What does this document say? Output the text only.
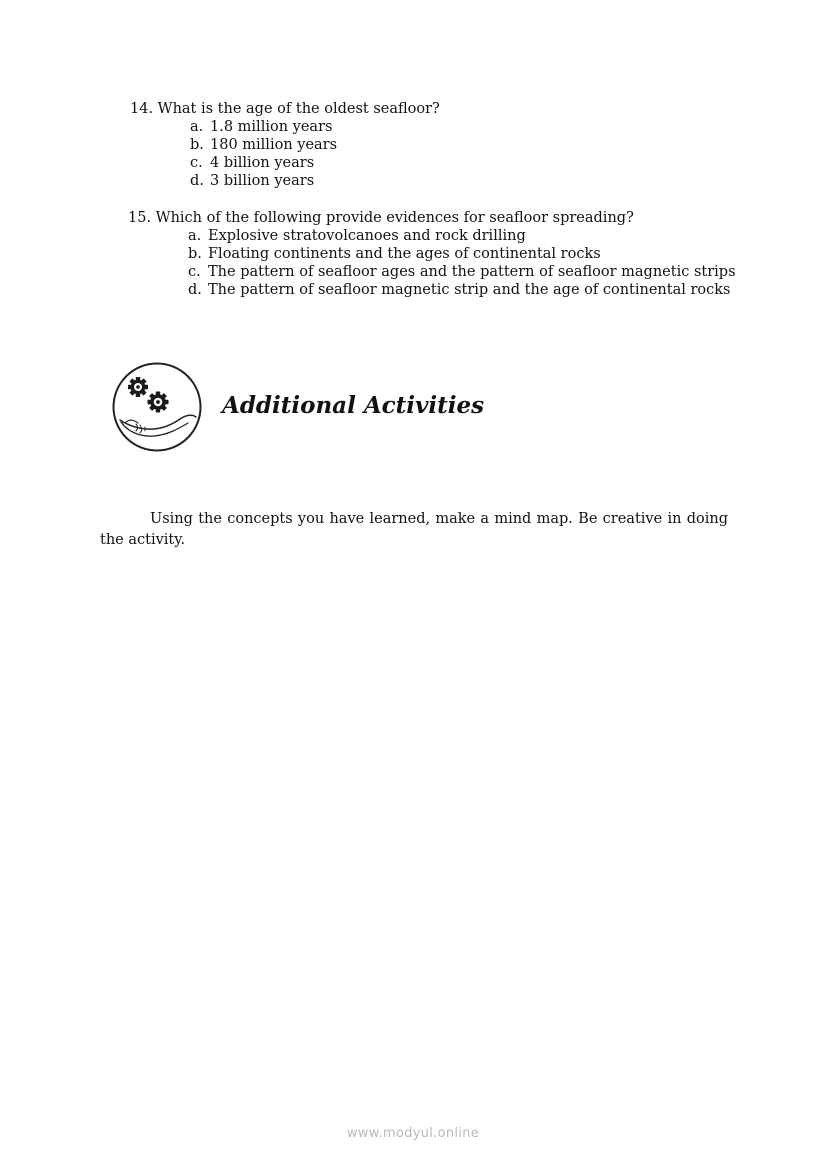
14. What is the age of the oldest seafloor?
a. 1.8 million years
b. 180 million years
c. 4 billion years
d. 3 billion years
15. Which of the following provide evidences for seafloor spreading?
a. Explosive stratovolcanoes and rock drilling
b. Floating continents and the ages of continental rocks
c. The pattern of seafloor ages and the pattern of seafloor magnetic strips
d. The pattern of seafloor magnetic strip and the age of continental rocks
Additional Activities

Using the concepts you have learned, make a mind map. Be creative in doing the activity.

www.modyul.online
